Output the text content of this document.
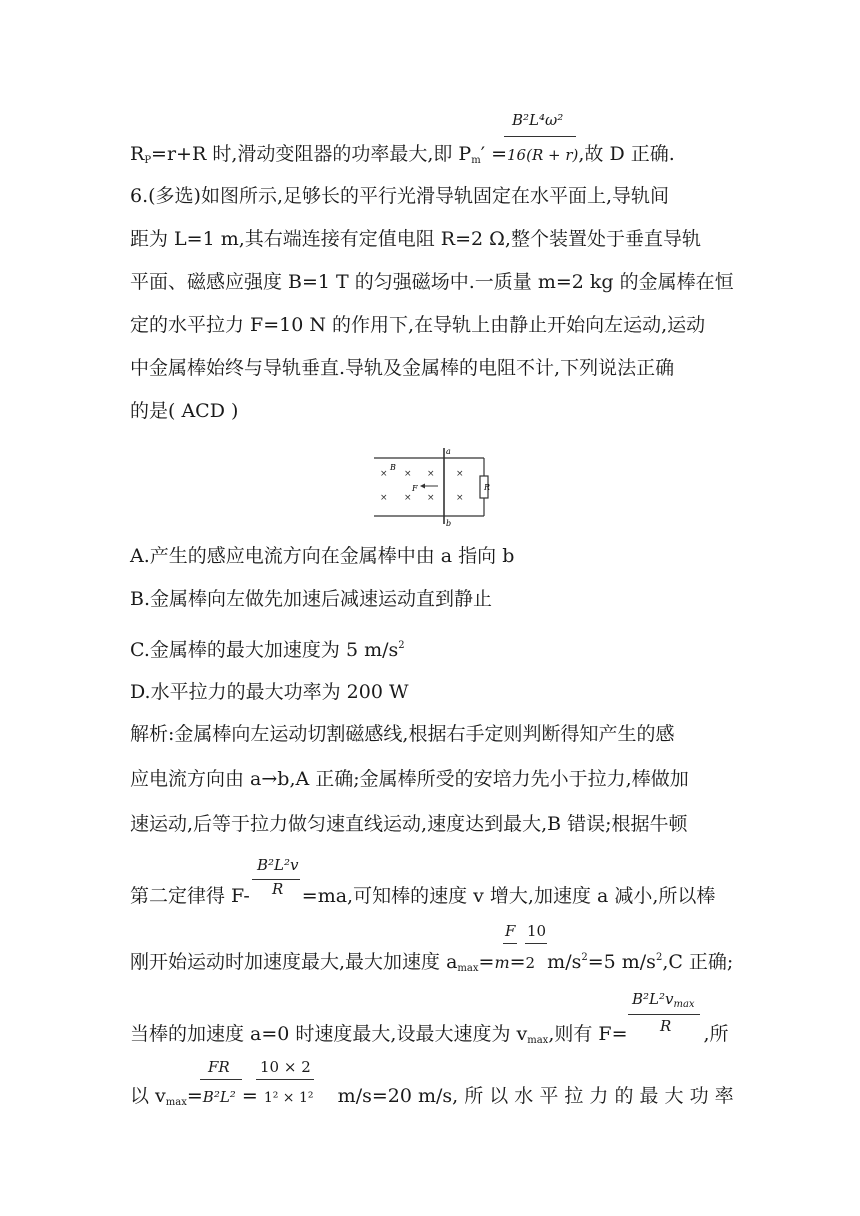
B²L⁴ω²
$R_P=r+R$ 时,滑动变阻器的功率最大,即 $P_m' =16(R + r)$,故 D 正确.
6.(多选)如图所示,足够长的平行光滑导轨固定在水平面上,导轨间
距为 L=1 m,其右端连接有定值电阻 R=2 Ω,整个装置处于垂直导轨
平面、磁感应强度 B=1 T 的匀强磁场中.一质量 m=2 kg 的金属棒在恒
定的水平拉力 F=10 N 的作用下,在导轨上由静止开始向左运动,运动
中金属棒始终与导轨垂直.导轨及金属棒的电阻不计,下列说法正确
的是( ACD )
a
b
B
R
F
× × × ×
× × × ×
A.产生的感应电流方向在金属棒中由 a 指向 b
B.金属棒向左做先加速后减速运动直到静止
C.金属棒的最大加速度为 5 $m/s^2$
D.水平拉力的最大功率为 200 W
解析:金属棒向左运动切割磁感线,根据右手定则判断得知产生的感
应电流方向由 a→b,A 正确;金属棒所受的安培力先小于拉力,棒做加
速运动,后等于拉力做匀速直线运动,速度达到最大,B 错误;根据牛顿
B²L²v
R
第二定律得 F-	=ma,可知棒的速度 v 增大,加速度 a 减小,所以棒
F 10
刚开始运动时加速度最大,最大加速度 $a_{max}=m=2$ $m/s^2=5$ $m/s^2,C$ 正确;
$B^2L^2v_{max}$
R
当棒的加速度 a=0 时速度最大,设最大速度为 $v_{max}$,则有 F=	,所
FR 10 × 2
以 $v_{max}=B^2L^2 = 1^2 \times 1^2$ m/s=20 m/s, 所 以 水 平 拉 力 的 最 大 功 率
